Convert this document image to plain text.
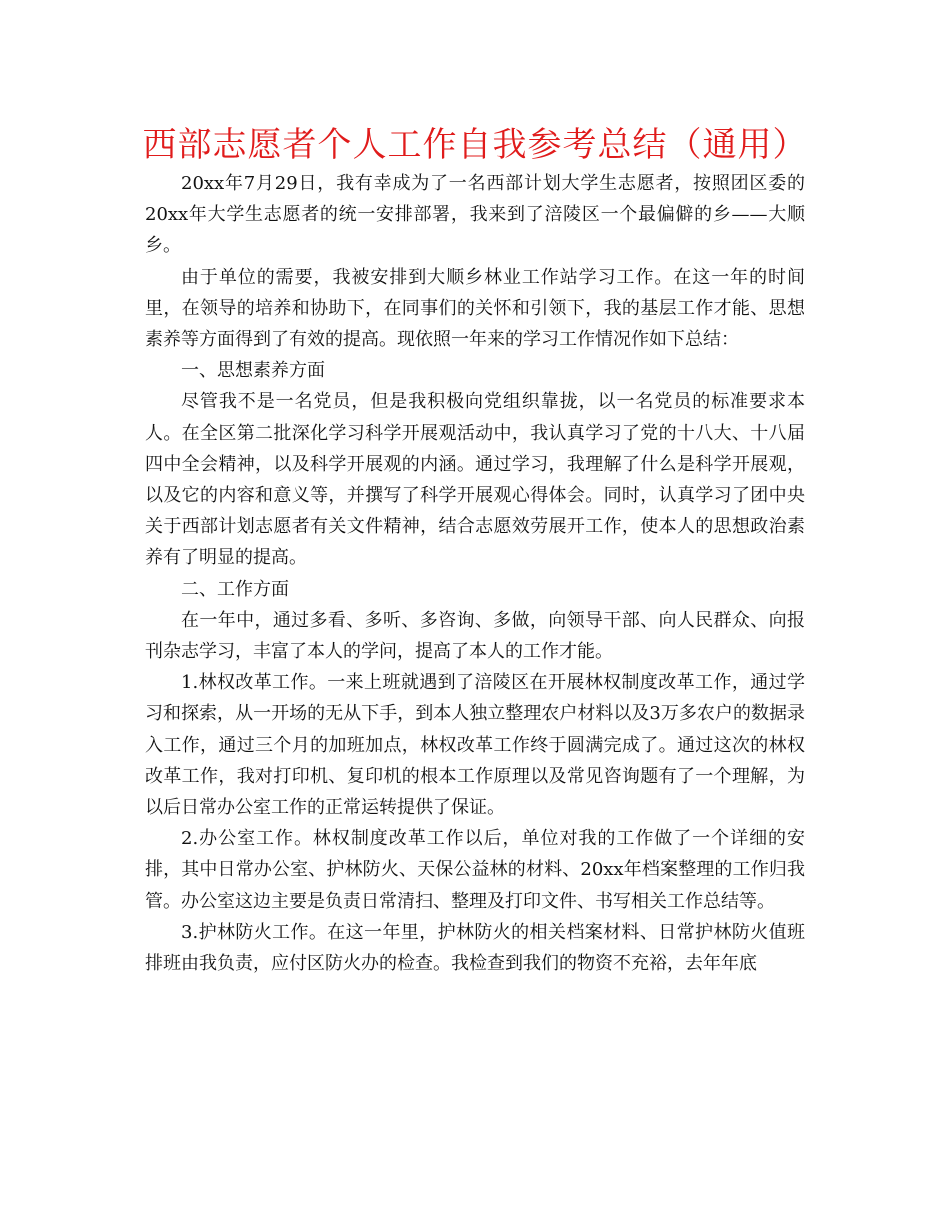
西部志愿者个人工作自我参考总结（通用）

20xx年7月29日，我有幸成为了一名西部计划大学生志愿者，按照团区委的20xx年大学生志愿者的统一安排部署，我来到了涪陵区一个最偏僻的乡——大顺乡。

由于单位的需要，我被安排到大顺乡林业工作站学习工作。在这一年的时间里，在领导的培养和协助下，在同事们的关怀和引领下，我的基层工作才能、思想素养等方面得到了有效的提高。现依照一年来的学习工作情况作如下总结：

一、思想素养方面

尽管我不是一名党员，但是我积极向党组织靠拢，以一名党员的标准要求本人。在全区第二批深化学习科学开展观活动中，我认真学习了党的十八大、十八届四中全会精神，以及科学开展观的内涵。通过学习，我理解了什么是科学开展观，以及它的内容和意义等，并撰写了科学开展观心得体会。同时，认真学习了团中央关于西部计划志愿者有关文件精神，结合志愿效劳展开工作，使本人的思想政治素养有了明显的提高。

二、工作方面

在一年中，通过多看、多听、多咨询、多做，向领导干部、向人民群众、向报刊杂志学习，丰富了本人的学问，提高了本人的工作才能。

1.林权改革工作。一来上班就遇到了涪陵区在开展林权制度改革工作，通过学习和探索，从一开场的无从下手，到本人独立整理农户材料以及3万多农户的数据录入工作，通过三个月的加班加点，林权改革工作终于圆满完成了。通过这次的林权改革工作，我对打印机、复印机的根本工作原理以及常见咨询题有了一个理解，为以后日常办公室工作的正常运转提供了保证。

2.办公室工作。林权制度改革工作以后，单位对我的工作做了一个详细的安排，其中日常办公室、护林防火、天保公益林的材料、20xx年档案整理的工作归我管。办公室这边主要是负责日常清扫、整理及打印文件、书写相关工作总结等。

3.护林防火工作。在这一年里，护林防火的相关档案材料、日常护林防火值班排班由我负责，应付区防火办的检查。我检查到我们的物资不充裕，去年年底
